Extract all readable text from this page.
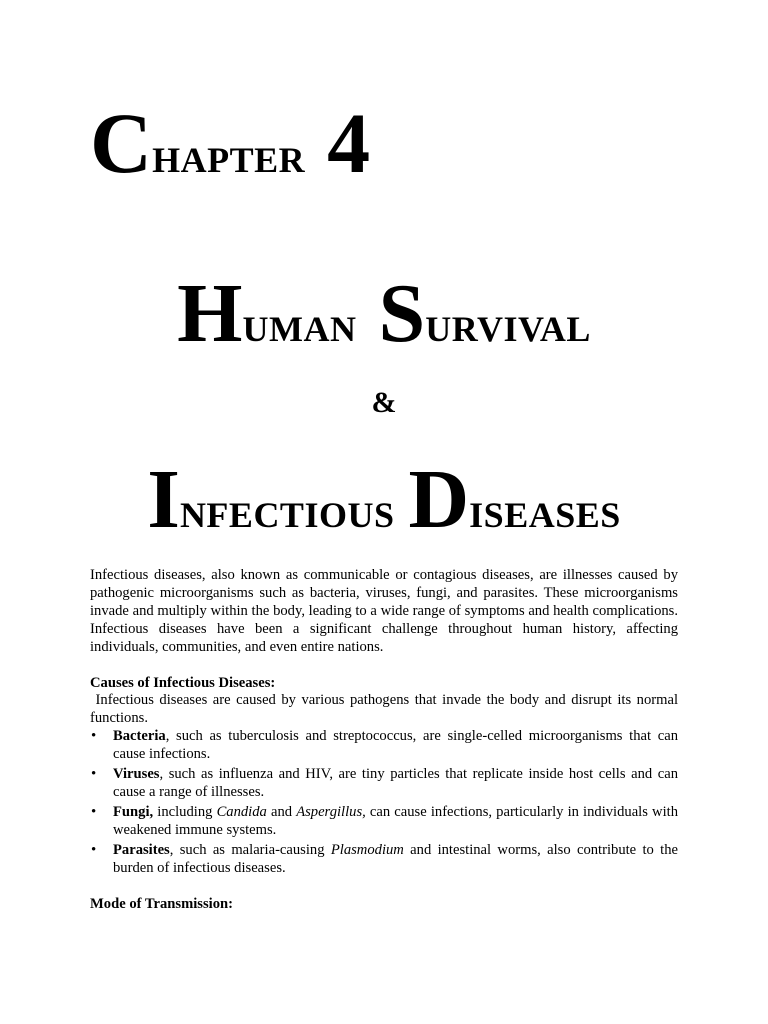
CHAPTER 4
HUMAN SURVIVAL
&
INFECTIOUS DISEASES

Infectious diseases, also known as communicable or contagious diseases, are illnesses caused by pathogenic microorganisms such as bacteria, viruses, fungi, and parasites. These microorganisms invade and multiply within the body, leading to a wide range of symptoms and health complications. Infectious diseases have been a significant challenge throughout human history, affecting individuals, communities, and even entire nations.

Causes of Infectious Diseases:

Infectious diseases are caused by various pathogens that invade the body and disrupt its normal functions.

• Bacteria, such as tuberculosis and streptococcus, are single-celled microorganisms that can cause infections.
• Viruses, such as influenza and HIV, are tiny particles that replicate inside host cells and can cause a range of illnesses.
• Fungi, including Candida and Aspergillus, can cause infections, particularly in individuals with weakened immune systems.
• Parasites, such as malaria-causing Plasmodium and intestinal worms, also contribute to the burden of infectious diseases.

Mode of Transmission:
